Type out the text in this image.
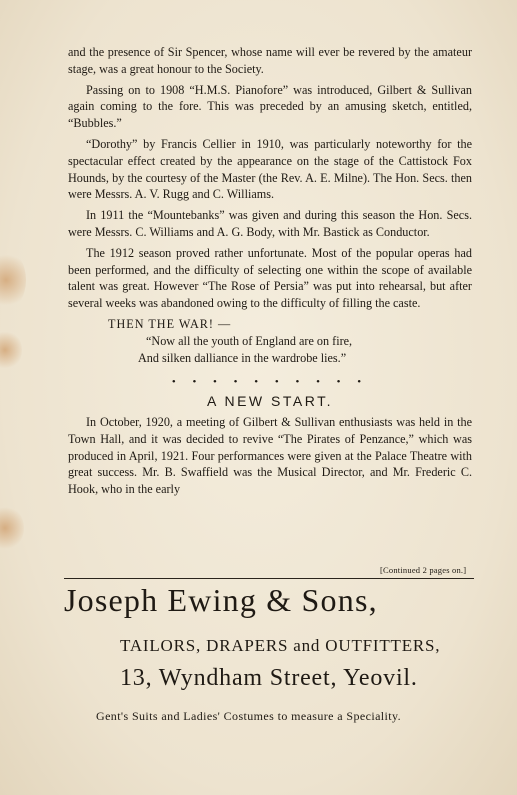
and the presence of Sir Spencer, whose name will ever be revered by the amateur stage, was a great honour to the Society.

Passing on to 1908 “H.M.S. Pianofore” was introduced, Gilbert & Sullivan again coming to the fore. This was preceded by an amusing sketch, entitled, “Bubbles.”

“Dorothy” by Francis Cellier in 1910, was particularly noteworthy for the spectacular effect created by the appearance on the stage of the Cattistock Fox Hounds, by the courtesy of the Master (the Rev. A. E. Milne). The Hon. Secs. then were Messrs. A. V. Rugg and C. Williams.

In 1911 the “Mountebanks” was given and during this season the Hon. Secs. were Messrs. C. Williams and A. G. Body, with Mr. Bastick as Conductor.

The 1912 season proved rather unfortunate. Most of the popular operas had been performed, and the difficulty of selecting one within the scope of available talent was great. However “The Rose of Persia” was put into rehearsal, but after several weeks was abandoned owing to the difficulty of filling the caste.

THEN THE WAR! —
“Now all the youth of England are on fire,
And silken dalliance in the wardrobe lies.”
• • • • • • • • • •
A NEW START.

In October, 1920, a meeting of Gilbert & Sullivan enthusiasts was held in the Town Hall, and it was decided to revive “The Pirates of Penzance,” which was produced in April, 1921. Four performances were given at the Palace Theatre with great success. Mr. B. Swaffield was the Musical Director, and Mr. Frederic C. Hook, who in the early

[Continued 2 pages on.]
Joseph Ewing & Sons,
TAILORS, DRAPERS and OUTFITTERS,
13, Wyndham Street, Yeovil.
Gent's Suits and Ladies' Costumes to measure a Speciality.
